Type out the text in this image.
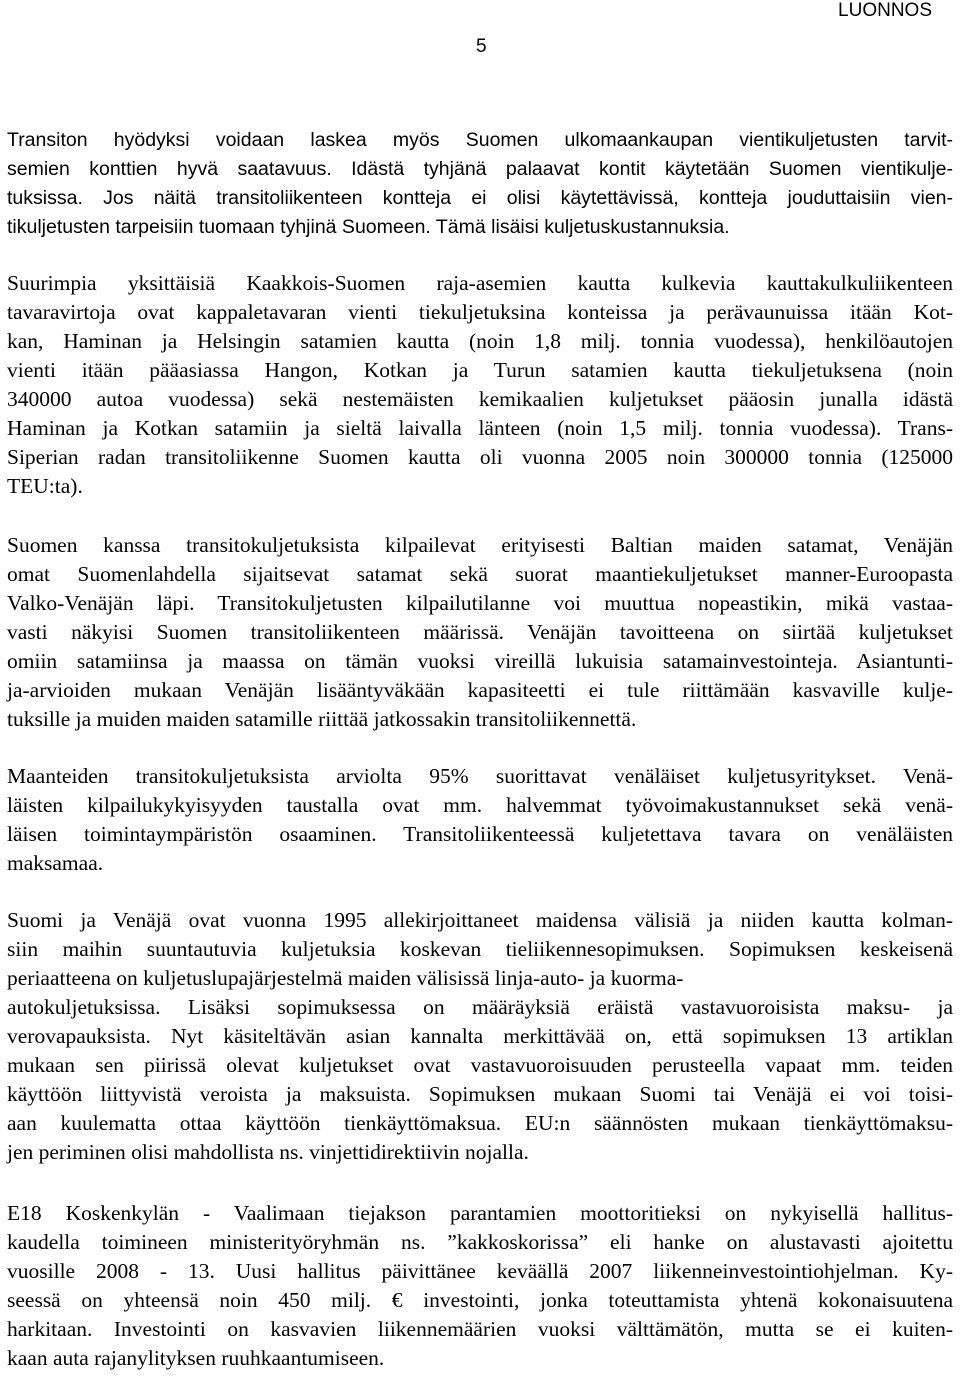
LUONNOS
5
Transiton hyödyksi voidaan laskea myös Suomen ulkomaankaupan vientikuljetusten tarvit-
semien konttien hyvä saatavuus. Idästä tyhjänä palaavat kontit käytetään Suomen vientikulje-
tuksissa. Jos näitä transitoliikenteen kontteja ei olisi käytettävissä, kontteja jouduttaisiin vien-
tikuljetusten tarpeisiin tuomaan tyhjinä Suomeen. Tämä lisäisi kuljetuskustannuksia.
Suurimpia yksittäisiä Kaakkois-Suomen raja-asemien kautta kulkevia kauttakulkuliikenteen
tavaravirtoja ovat kappaletavaran vienti tiekuljetuksina konteissa ja perävaunuissa itään Kot-
kan, Haminan ja Helsingin satamien kautta (noin 1,8 milj. tonnia vuodessa), henkilöautojen
vienti itään pääasiassa Hangon, Kotkan ja Turun satamien kautta tiekuljetuksena (noin
340000 autoa vuodessa) sekä nestemäisten kemikaalien kuljetukset pääosin junalla idästä
Haminan ja Kotkan satamiin ja sieltä laivalla länteen (noin 1,5 milj. tonnia vuodessa). Trans-
Siperian radan transitoliikenne Suomen kautta oli vuonna 2005 noin 300000 tonnia (125000
TEU:ta).
Suomen kanssa transitokuljetuksista kilpailevat erityisesti Baltian maiden satamat, Venäjän
omat Suomenlahdella sijaitsevat satamat sekä suorat maantiekuljetukset manner-Euroopasta
Valko-Venäjän läpi. Transitokuljetusten kilpailutilanne voi muuttua nopeastikin, mikä vastaa-
vasti näkyisi Suomen transitoliikenteen määrissä. Venäjän tavoitteena on siirtää kuljetukset
omiin satamiinsa ja maassa on tämän vuoksi vireillä lukuisia satamainvestointeja. Asiantunti-
ja-arvioiden mukaan Venäjän lisääntyväkään kapasiteetti ei tule riittämään kasvaville kulje-
tuksille ja muiden maiden satamille riittää jatkossakin transitoliikennettä.
Maanteiden transitokuljetuksista arviolta 95% suorittavat venäläiset kuljetusyritykset. Venä-
läisten kilpailukykyisyyden taustalla ovat mm. halvemmat työvoimakustannukset sekä venä-
läisen toimintaympäristön osaaminen. Transitoliikenteessä kuljetettava tavara on venäläisten
maksamaa.
Suomi ja Venäjä ovat vuonna 1995 allekirjoittaneet maidensa välisiä ja niiden kautta kolman-
siin maihin suuntautuvia kuljetuksia koskevan tieliikennesopimuksen. Sopimuksen keskeisenä
periaatteena on kuljetuslupajärjestelmä maiden välisissä linja-auto- ja kuorma-
autokuljetuksissa. Lisäksi sopimuksessa on määräyksiä eräistä vastavuoroisista maksu- ja
verovapauksista. Nyt käsiteltävän asian kannalta merkittävää on, että sopimuksen 13 artiklan
mukaan sen piirissä olevat kuljetukset ovat vastavuoroisuuden perusteella vapaat mm. teiden
käyttöön liittyvistä veroista ja maksuista. Sopimuksen mukaan Suomi tai Venäjä ei voi toisi-
aan kuulematta ottaa käyttöön tienkäyttömaksua. EU:n säännösten mukaan tienkäyttömaksu-
jen periminen olisi mahdollista ns. vinjettidirektiivin nojalla.
E18 Koskenkylän - Vaalimaan tiejakson parantamien moottoritieksi on nykyisellä hallitus-
kaudella toimineen ministerityöryhmän ns. ”kakkoskorissa” eli hanke on alustavasti ajoitettu
vuosille 2008 - 13. Uusi hallitus päivittänee keväällä 2007 liikenneinvestointiohjelman. Ky-
seessä on yhteensä noin 450 milj. € investointi, jonka toteuttamista yhtenä kokonaisuutena
harkitaan. Investointi on kasvavien liikennemäärien vuoksi välttämätön, mutta se ei kuiten-
kaan auta rajanylityksen ruuhkaantumiseen.
